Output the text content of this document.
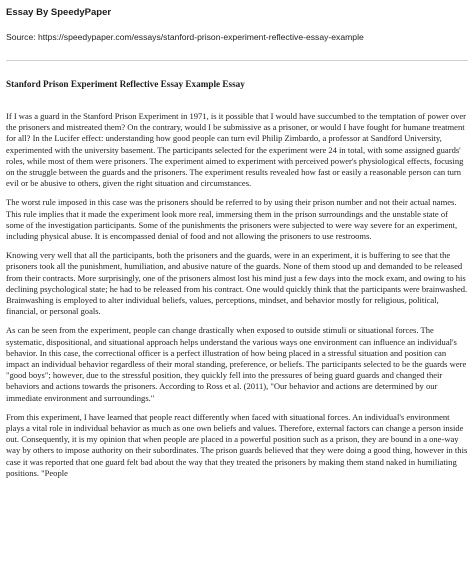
Essay By SpeedyPaper
Source: https://speedypaper.com/essays/stanford-prison-experiment-reflective-essay-example
Stanford Prison Experiment Reflective Essay Example Essay

If I was a guard in the Stanford Prison Experiment in 1971, is it possible that I would have succumbed to the temptation of power over the prisoners and mistreated them? On the contrary, would I be submissive as a prisoner, or would I have fought for humane treatment for all? In the Lucifer effect: understanding how good people can turn evil Philip Zimbardo, a professor at Sandford University, experimented with the university basement. The participants selected for the experiment were 24 in total, with some assigned guards' roles, while most of them were prisoners. The experiment aimed to experiment with perceived power's physiological effects, focusing on the struggle between the guards and the prisoners. The experiment results revealed how fast or easily a reasonable person can turn evil or be abusive to others, given the right situation and circumstances.

The worst rule imposed in this case was the prisoners should be referred to by using their prison number and not their actual names. This rule implies that it made the experiment look more real, immersing them in the prison surroundings and the unstable state of some of the investigation participants. Some of the punishments the prisoners were subjected to were way severe for an experiment, including physical abuse. It is encompassed denial of food and not allowing the prisoners to use restrooms.

Knowing very well that all the participants, both the prisoners and the guards, were in an experiment, it is buffering to see that the prisoners took all the punishment, humiliation, and abusive nature of the guards. None of them stood up and demanded to be released from their contracts. More surprisingly, one of the prisoners almost lost his mind just a few days into the mock exam, and owing to his declining psychological state; he had to be released from his contract. One would quickly think that the participants were brainwashed. Brainwashing is employed to alter individual beliefs, values, perceptions, mindset, and behavior mostly for religious, political, financial, or personal goals.

As can be seen from the experiment, people can change drastically when exposed to outside stimuli or situational forces. The systematic, dispositional, and situational approach helps understand the various ways one environment can influence an individual's behavior. In this case, the correctional officer is a perfect illustration of how being placed in a stressful situation and position can impact an individual behavior regardless of their moral standing, preference, or beliefs. The participants selected to be the guards were "good boys"; however, due to the stressful position, they quickly fell into the pressures of being guard guards and changed their behaviors and actions towards the prisoners. According to Ross et al. (2011), "Our behavior and actions are determined by our immediate environment and surroundings."

From this experiment, I have learned that people react differently when faced with situational forces. An individual's environment plays a vital role in individual behavior as much as one own beliefs and values. Therefore, external factors can change a person inside out. Consequently, it is my opinion that when people are placed in a powerful position such as a prison, they are bound in a one-way way by others to impose authority on their subordinates. The prison guards believed that they were doing a good thing, however in this case it was reported that one guard felt bad about the way that they treated the prisoners by making them stand naked in humiliating positions. "People
